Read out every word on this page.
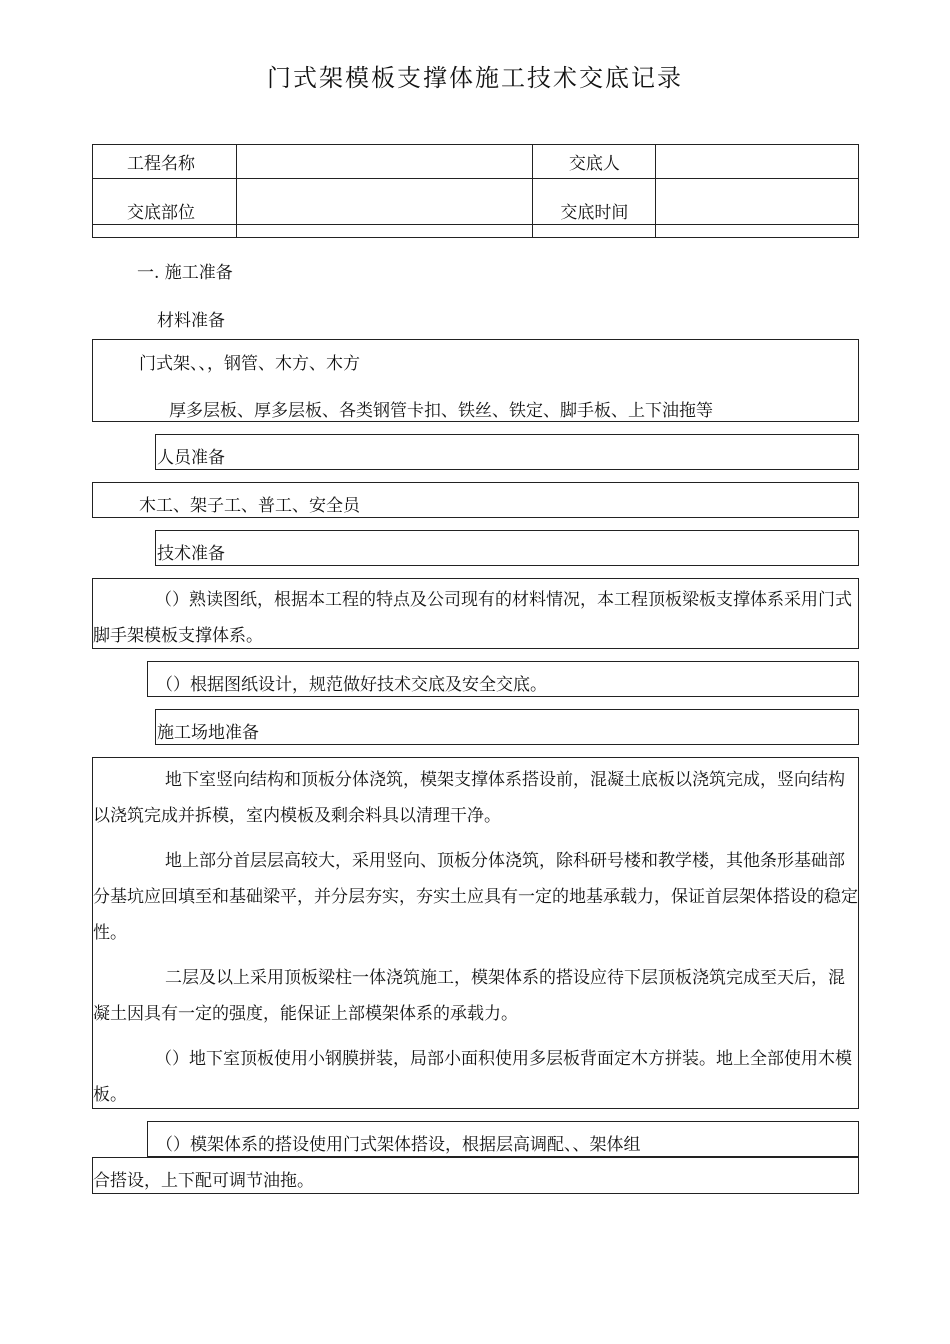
门式架模板支撑体施工技术交底记录
工程名称		交底人	
交底部位		交底时间	

一. 施工准备
材料准备
门式架、、，钢管、木方、木方
厚多层板、厚多层板、各类钢管卡扣、铁丝、铁定、脚手板、上下油拖等
人员准备
木工、架子工、普工、安全员
技术准备
（）熟读图纸，根据本工程的特点及公司现有的材料情况，本工程顶板梁板支撑体系采用门式脚手架模板支撑体系。
（）根据图纸设计，规范做好技术交底及安全交底。
施工场地准备
地下室竖向结构和顶板分体浇筑，模架支撑体系搭设前，混凝土底板以浇筑完成，竖向结构以浇筑完成并拆模，室内模板及剩余料具以清理干净。
地上部分首层层高较大，采用竖向、顶板分体浇筑，除科研号楼和教学楼，其他条形基础部分基坑应回填至和基础梁平，并分层夯实，夯实土应具有一定的地基承载力，保证首层架体搭设的稳定性。
二层及以上采用顶板梁柱一体浇筑施工，模架体系的搭设应待下层顶板浇筑完成至天后，混凝土因具有一定的强度，能保证上部模架体系的承载力。
（）地下室顶板使用小钢膜拼装，局部小面积使用多层板背面定木方拼装。地上全部使用木模板。
（）模架体系的搭设使用门式架体搭设，根据层高调配、、架体组
合搭设，上下配可调节油拖。
